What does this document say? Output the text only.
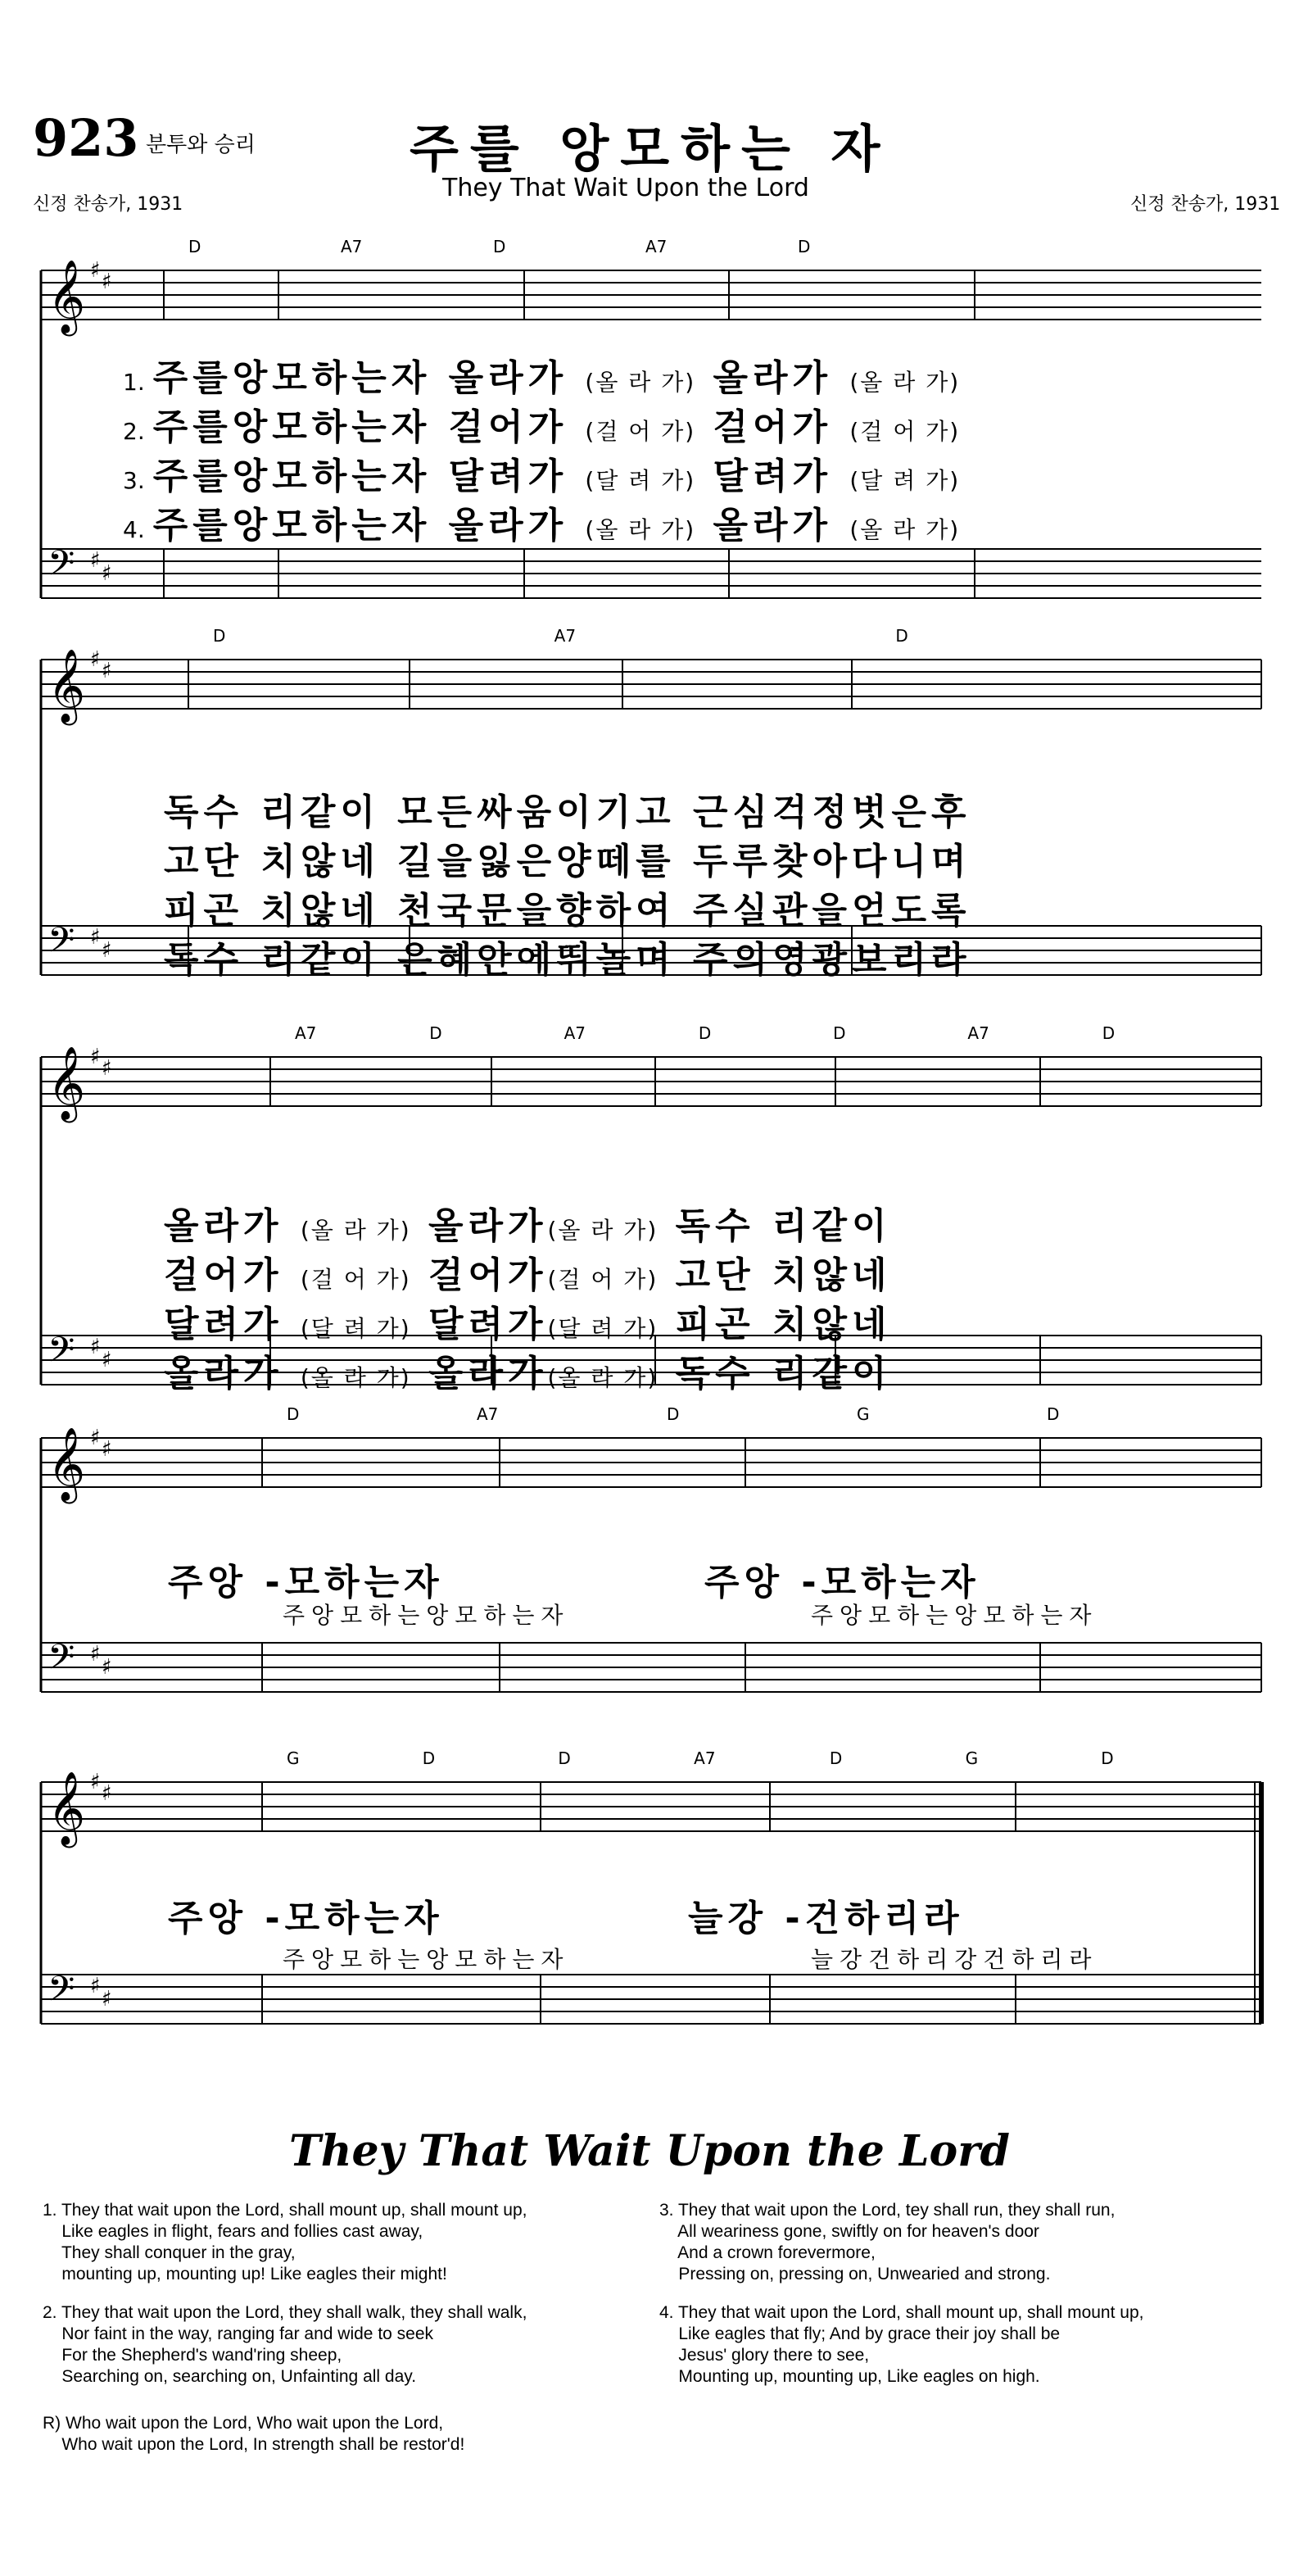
923 분투와 승리	주를 앙모하는 자
They That Wait Upon the Lord
신정 찬송가, 1931	신정 찬송가, 1931
𝄞 ♯ ♯
𝄢 ♯
♯
𝄞 ♯ ♯
𝄢 ♯
♯
𝄞 ♯ ♯
𝄢 ♯
♯
𝄞 ♯ ♯
𝄢 ♯
♯
𝄞 ♯ ♯
𝄢 ♯
♯
D	A7	D	A7	D
D	A7	D
A7	D	A7	D	D	A7	D
D	A7	D	G	D
G	D	D	A7	D	G	D
1. 주를앙모하는자 올라가 (올 라 가) 올라가 (올 라 가)
2. 주를앙모하는자 걸어가 (걸 어 가) 걸어가 (걸 어 가)
3. 주를앙모하는자 달려가 (달 려 가) 달려가 (달 려 가)
4. 주를앙모하는자 올라가 (올 라 가) 올라가 (올 라 가)
독수 리같이 모든싸움이기고 근심걱정벗은후
고단 치않네 길을잃은양떼를 두루찾아다니며
피곤 치않네 천국문을향하여 주실관을얻도록
독수 리같이 은혜안에뛰놀며 주의영광보리라
올라가 (올 라 가) 올라가(올 라 가) 독수 리같이
걸어가 (걸 어 가) 걸어가(걸 어 가) 고단 치않네
달려가 (달 려 가) 달려가(달 려 가) 피곤 치않네
올라가 (올 라 가) 올라가(올 라 가) 독수 리같이
주앙 -모하는자	주앙 -모하는자
주앙모하는앙모하는자	주앙모하는앙모하는자
주앙 -모하는자	늘강 -건하리라
주앙모하는앙모하는자	늘강건하리강건하리라
They That Wait Upon the Lord
1. They that wait upon the Lord, shall mount up, shall mount up,
Like eagles in flight, fears and follies cast away,
They shall conquer in the gray,
mounting up, mounting up! Like eagles their might!
2. They that wait upon the Lord, they shall walk, they shall walk,
Nor faint in the way, ranging far and wide to seek
For the Shepherd's wand'ring sheep,
Searching on, searching on, Unfainting all day.
R) Who wait upon the Lord, Who wait upon the Lord,
Who wait upon the Lord, In strength shall be restor'd!
3. They that wait upon the Lord, tey shall run, they shall run,
All weariness gone, swiftly on for heaven's door
And a crown forevermore,
Pressing on, pressing on, Unwearied and strong.
4. They that wait upon the Lord, shall mount up, shall mount up,
Like eagles that fly; And by grace their joy shall be
Jesus' glory there to see,
Mounting up, mounting up, Like eagles on high.
